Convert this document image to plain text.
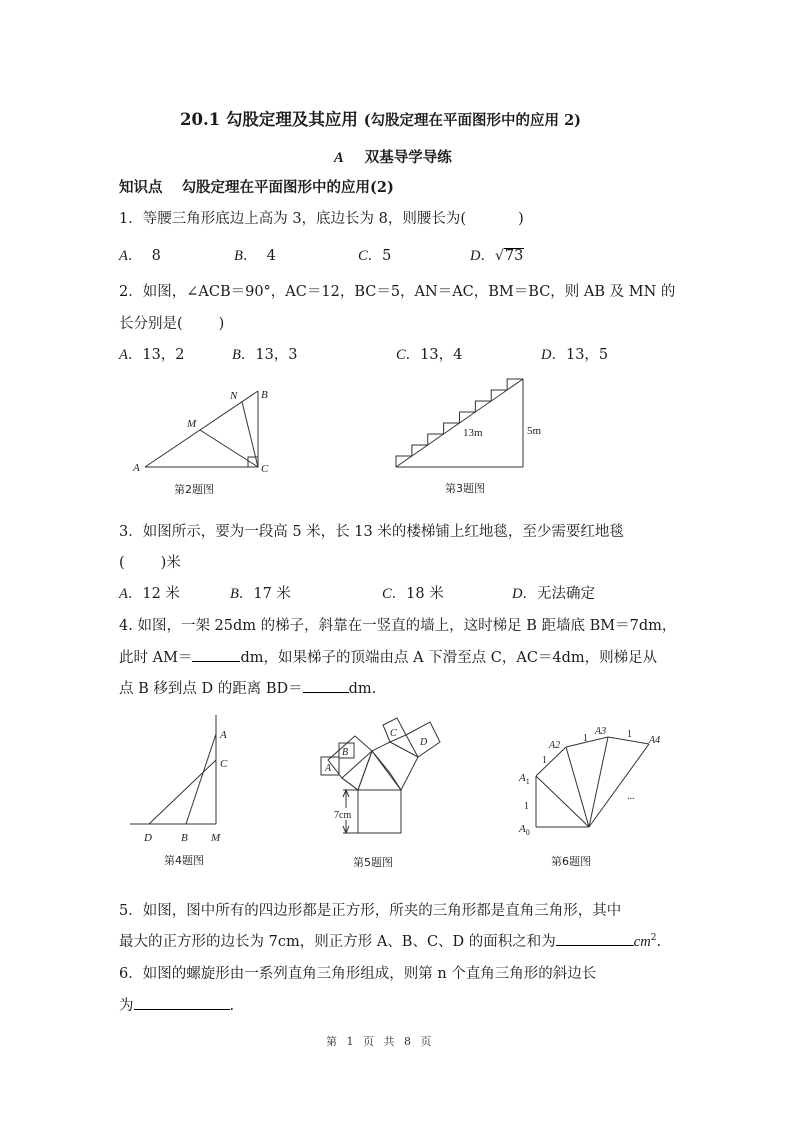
20.1 勾股定理及其应用 (勾股定理在平面图形中的应用 2)
A 双基导学导练
知识点 勾股定理在平面图形中的应用(2)
1．等腰三角形底边上高为 3，底边长为 8，则腰长为(	)
A．  8	B．  4	C．5	D．√73
2．如图，∠ACB＝90°，AC＝12，BC＝5，AN＝AC，BM＝BC，则 AB 及 MN 的
长分别是( )
A．13，2	B．13，3	C．13，4	D．13，5
A
B
C
M
N
第2题图
13m	5m
第3题图
3．如图所示，要为一段高 5 米，长 13 米的楼梯铺上红地毯，至少需要红地毯
( )米
A．12 米	B．17 米	C．18 米	D．无法确定
4. 如图，一架 25dm 的梯子，斜靠在一竖直的墙上，这时梯足 B 距墙底 BM＝7dm，
此时 AM＝	dm，如果梯子的顶端由点 A 下滑至点 C，AC＝4dm，则梯足从
点 B 移到点 D 的距离 BD＝	dm.
A
C
D	B M
第4题图
A
B
C
D
7cm
第5题图
$A_0$
$A_1$
A2
A3
A4
1
1
1	1
...
第6题图
5．如图，图中所有的四边形都是正方形，所夹的三角形都是直角三角形，其中
最大的正方形的边长为 7cm，则正方形 A、B、C、D 的面积之和为	$cm^2$.
6．如图的螺旋形由一系列直角三角形组成，则第 n 个直角三角形的斜边长
为	.
第 1 页 共 8 页
